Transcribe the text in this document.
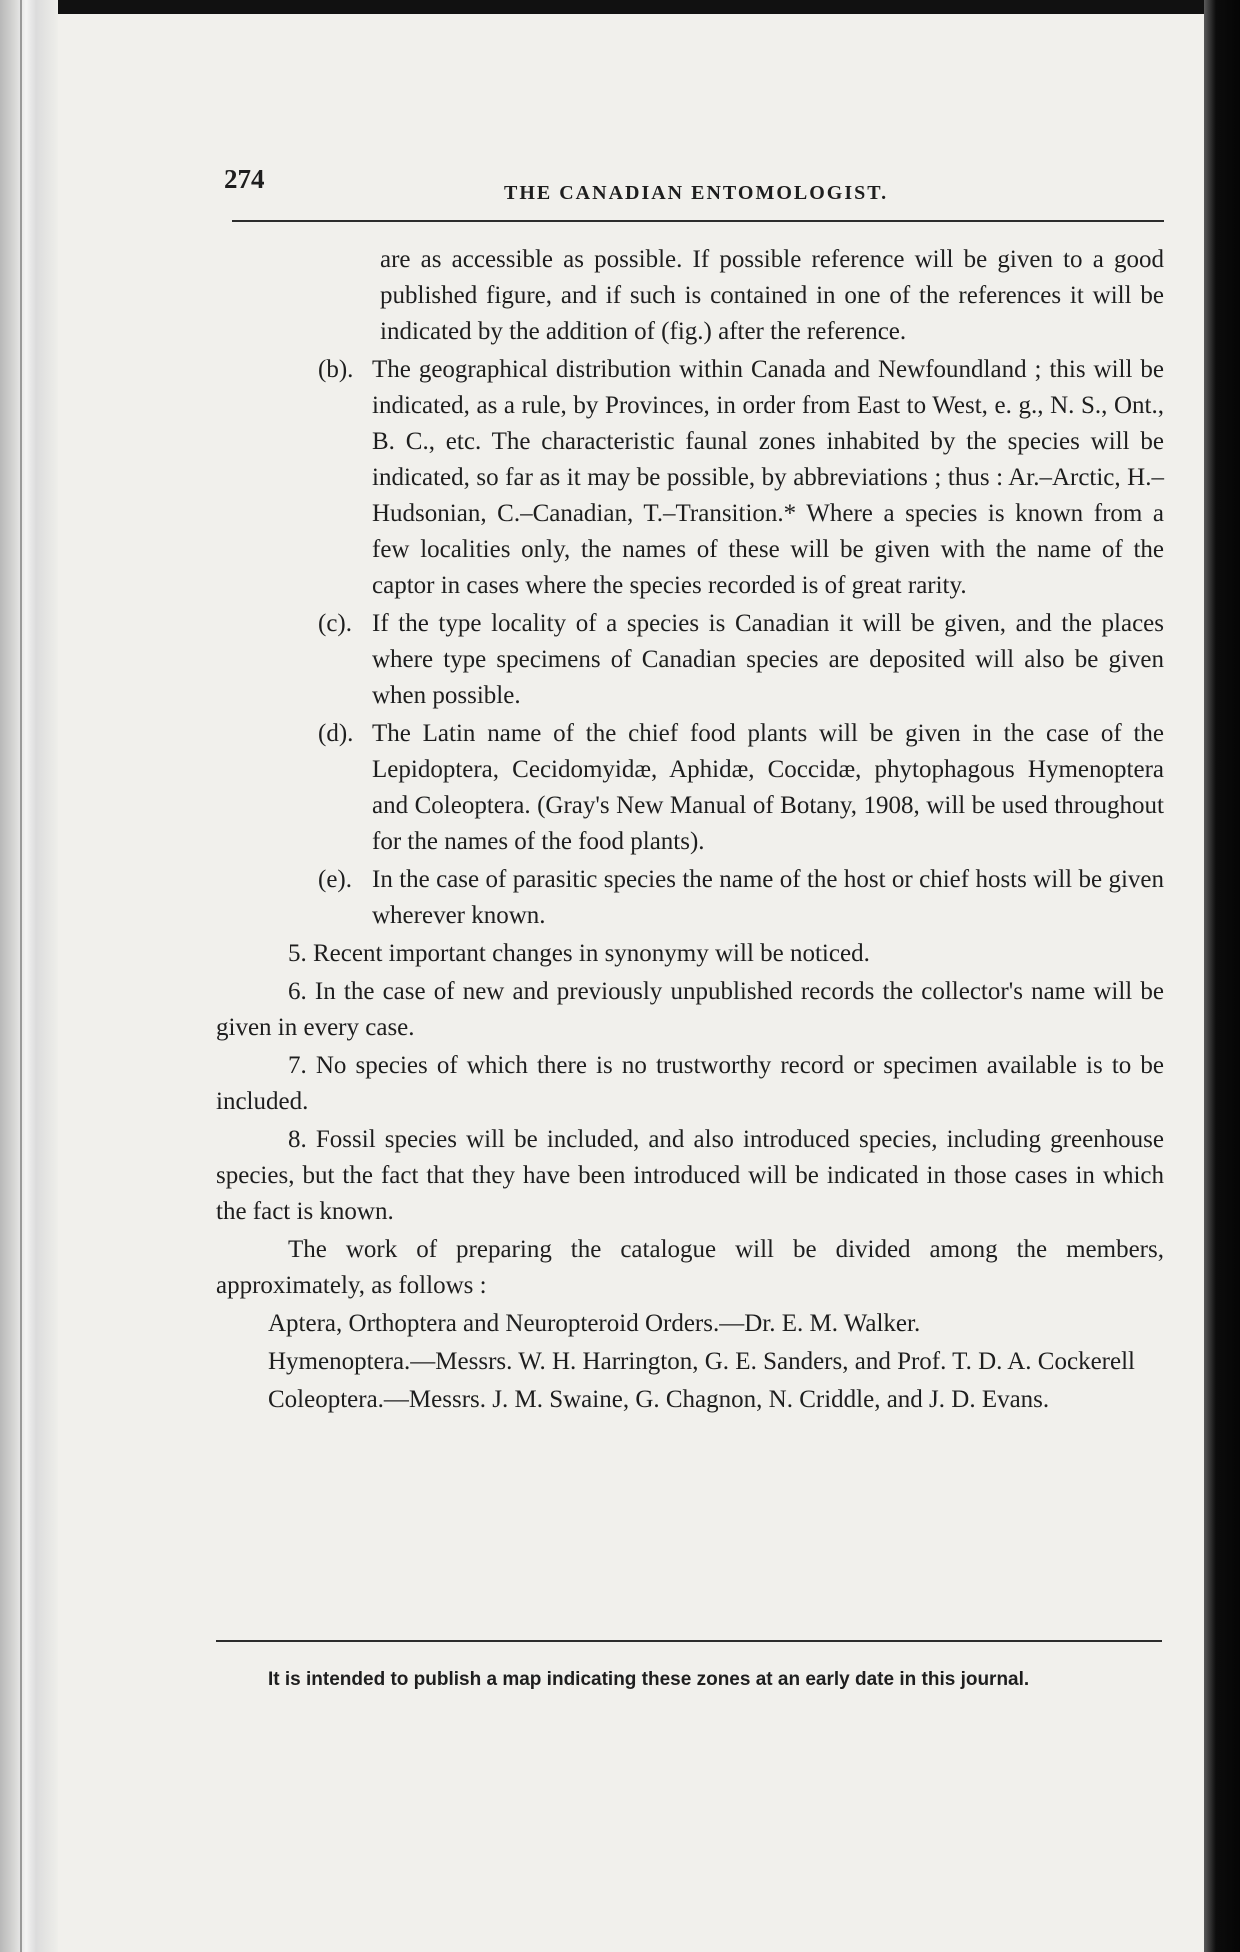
274	THE CANADIAN ENTOMOLOGIST.

are as accessible as possible. If possible reference will be given to a good published figure, and if such is contained in one of the references it will be indicated by the addition of (fig.) after the reference.

(b). The geographical distribution within Canada and Newfoundland ; this will be indicated, as a rule, by Provinces, in order from East to West, e. g., N. S., Ont., B. C., etc. The characteristic faunal zones inhabited by the species will be indicated, so far as it may be possible, by abbreviations ; thus : Ar.–Arctic, H.–Hudsonian, C.–Canadian, T.–Transition.* Where a species is known from a few localities only, the names of these will be given with the name of the captor in cases where the species recorded is of great rarity.
(c). If the type locality of a species is Canadian it will be given, and the places where type specimens of Canadian species are deposited will also be given when possible.
(d). The Latin name of the chief food plants will be given in the case of the Lepidoptera, Cecidomyidæ, Aphidæ, Coccidæ, phytophagous Hymenoptera and Coleoptera. (Gray's New Manual of Botany, 1908, will be used throughout for the names of the food plants).
(e). In the case of parasitic species the name of the host or chief hosts will be given wherever known.

5. Recent important changes in synonymy will be noticed.

6. In the case of new and previously unpublished records the collector's name will be given in every case.

7. No species of which there is no trustworthy record or specimen available is to be included.

8. Fossil species will be included, and also introduced species, including greenhouse species, but the fact that they have been introduced will be indicated in those cases in which the fact is known.

The work of preparing the catalogue will be divided among the members, approximately, as follows :

Aptera, Orthoptera and Neuropteroid Orders.—Dr. E. M. Walker.

Hymenoptera.—Messrs. W. H. Harrington, G. E. Sanders, and Prof. T. D. A. Cockerell

Coleoptera.—Messrs. J. M. Swaine, G. Chagnon, N. Criddle, and J. D. Evans.

It is intended to publish a map indicating these zones at an early date in this journal.
